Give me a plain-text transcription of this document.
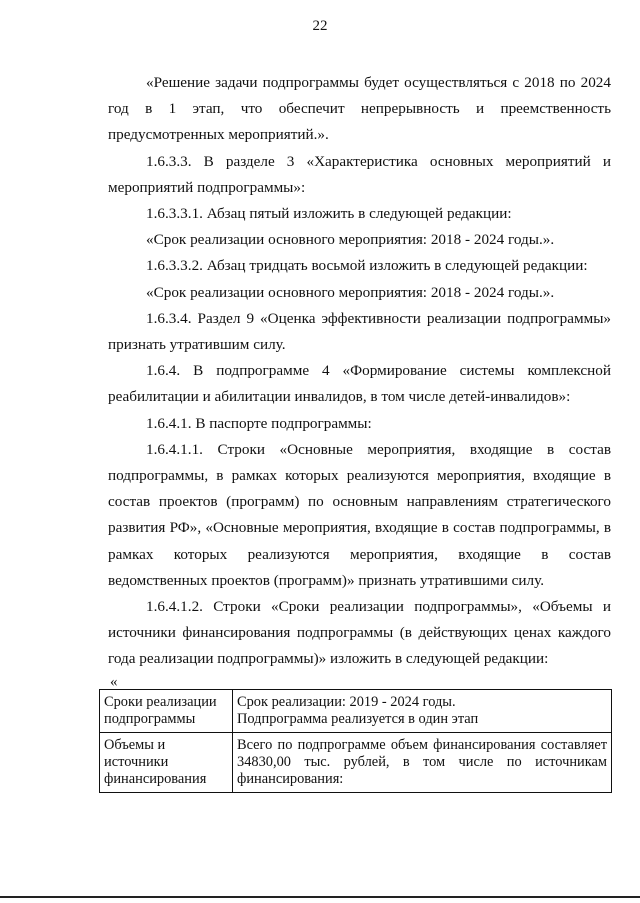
22

«Решение задачи подпрограммы будет осуществляться с 2018 по 2024 год в 1 этап, что обеспечит непрерывность и преемственность предусмотренных мероприятий.».

1.6.3.3. В разделе 3 «Характеристика основных мероприятий и мероприятий подпрограммы»:

1.6.3.3.1. Абзац пятый изложить в следующей редакции:

«Срок реализации основного мероприятия: 2018 - 2024 годы.».

1.6.3.3.2. Абзац тридцать восьмой изложить в следующей редакции:

«Срок реализации основного мероприятия: 2018 - 2024 годы.».

1.6.3.4. Раздел 9 «Оценка эффективности реализации подпрограммы» признать утратившим силу.

1.6.4. В подпрограмме 4 «Формирование системы комплексной реабилитации и абилитации инвалидов, в том числе детей-инвалидов»:

1.6.4.1. В паспорте подпрограммы:

1.6.4.1.1. Строки «Основные мероприятия, входящие в состав подпрограммы, в рамках которых реализуются мероприятия, входящие в состав проектов (программ) по основным направлениям стратегического развития РФ», «Основные мероприятия, входящие в состав подпрограммы, в рамках которых реализуются мероприятия, входящие в состав ведомственных проектов (программ)» признать утратившими силу.

1.6.4.1.2. Строки «Сроки реализации подпрограммы», «Объемы и источники финансирования подпрограммы (в действующих ценах каждого года реализации подпрограммы)» изложить в следующей редакции:

«
Сроки реализации подпрограммы	Срок реализации: 2019 - 2024 годы.
Подпрограмма реализуется в один этап

Объемы и источники финансирования	Всего по подпрограмме объем финансирования составляет 34830,00 тыс. рублей, в том числе по источникам финансирования:
